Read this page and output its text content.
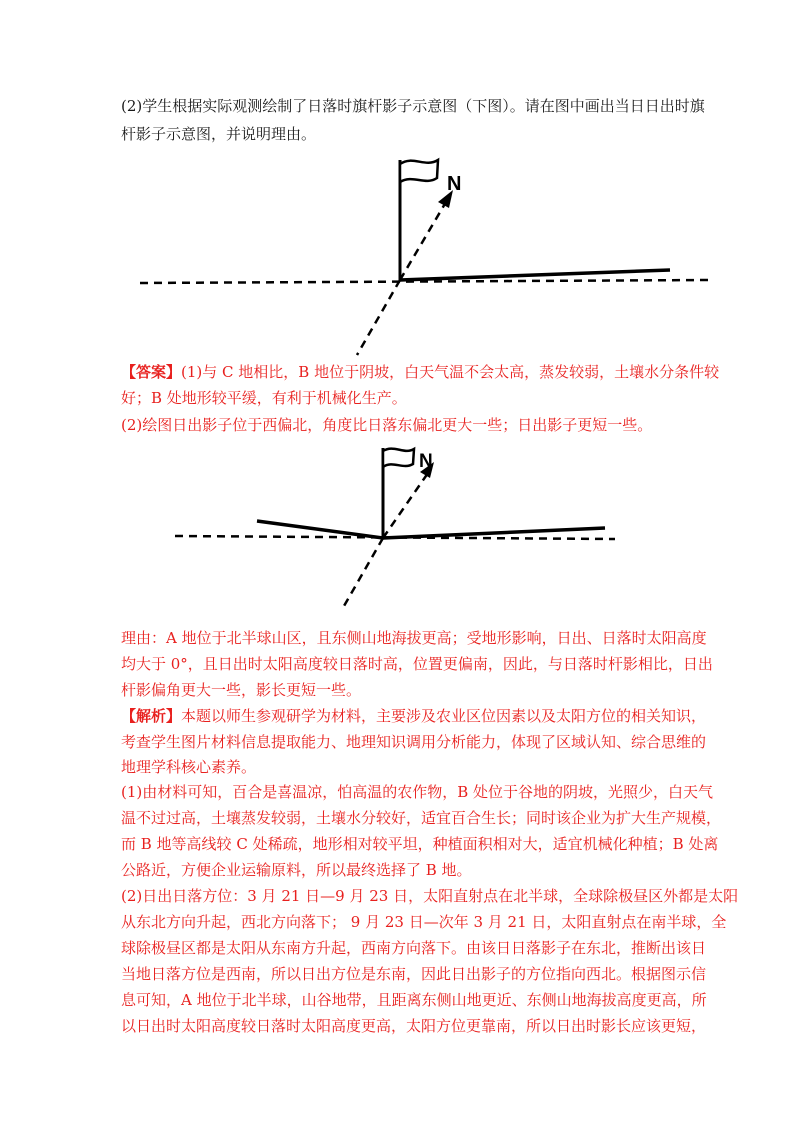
(2)学生根据实际观测绘制了日落时旗杆影子示意图（下图）。请在图中画出当日日出时旗
杆影子示意图，并说明理由。
N
【答案】(1)与 C 地相比，B 地位于阴坡，白天气温不会太高，蒸发较弱，土壤水分条件较
好；B 处地形较平缓，有利于机械化生产。
(2)绘图日出影子位于西偏北，角度比日落东偏北更大一些；日出影子更短一些。
N
理由：A 地位于北半球山区，且东侧山地海拔更高；受地形影响，日出、日落时太阳高度
均大于 0°，且日出时太阳高度较日落时高，位置更偏南，因此，与日落时杆影相比，日出
杆影偏角更大一些，影长更短一些。
【解析】本题以师生参观研学为材料，主要涉及农业区位因素以及太阳方位的相关知识，
考查学生图片材料信息提取能力、地理知识调用分析能力，体现了区域认知、综合思维的
地理学科核心素养。
(1)由材料可知，百合是喜温凉，怕高温的农作物，B 处位于谷地的阴坡，光照少，白天气
温不过过高，土壤蒸发较弱，土壤水分较好，适宜百合生长；同时该企业为扩大生产规模，
而 B 地等高线较 C 处稀疏，地形相对较平坦，种植面积相对大，适宜机械化种植；B 处离
公路近，方便企业运输原料，所以最终选择了 B 地。
(2)日出日落方位：3 月 21 日—9 月 23 日，太阳直射点在北半球，全球除极昼区外都是太阳
从东北方向升起，西北方向落下； 9 月 23 日—次年 3 月 21 日，太阳直射点在南半球，全
球除极昼区都是太阳从东南方升起，西南方向落下。由该日日落影子在东北，推断出该日
当地日落方位是西南，所以日出方位是东南，因此日出影子的方位指向西北。根据图示信
息可知，A 地位于北半球，山谷地带，且距离东侧山地更近、东侧山地海拔高度更高，所
以日出时太阳高度较日落时太阳高度更高，太阳方位更靠南，所以日出时影长应该更短，
